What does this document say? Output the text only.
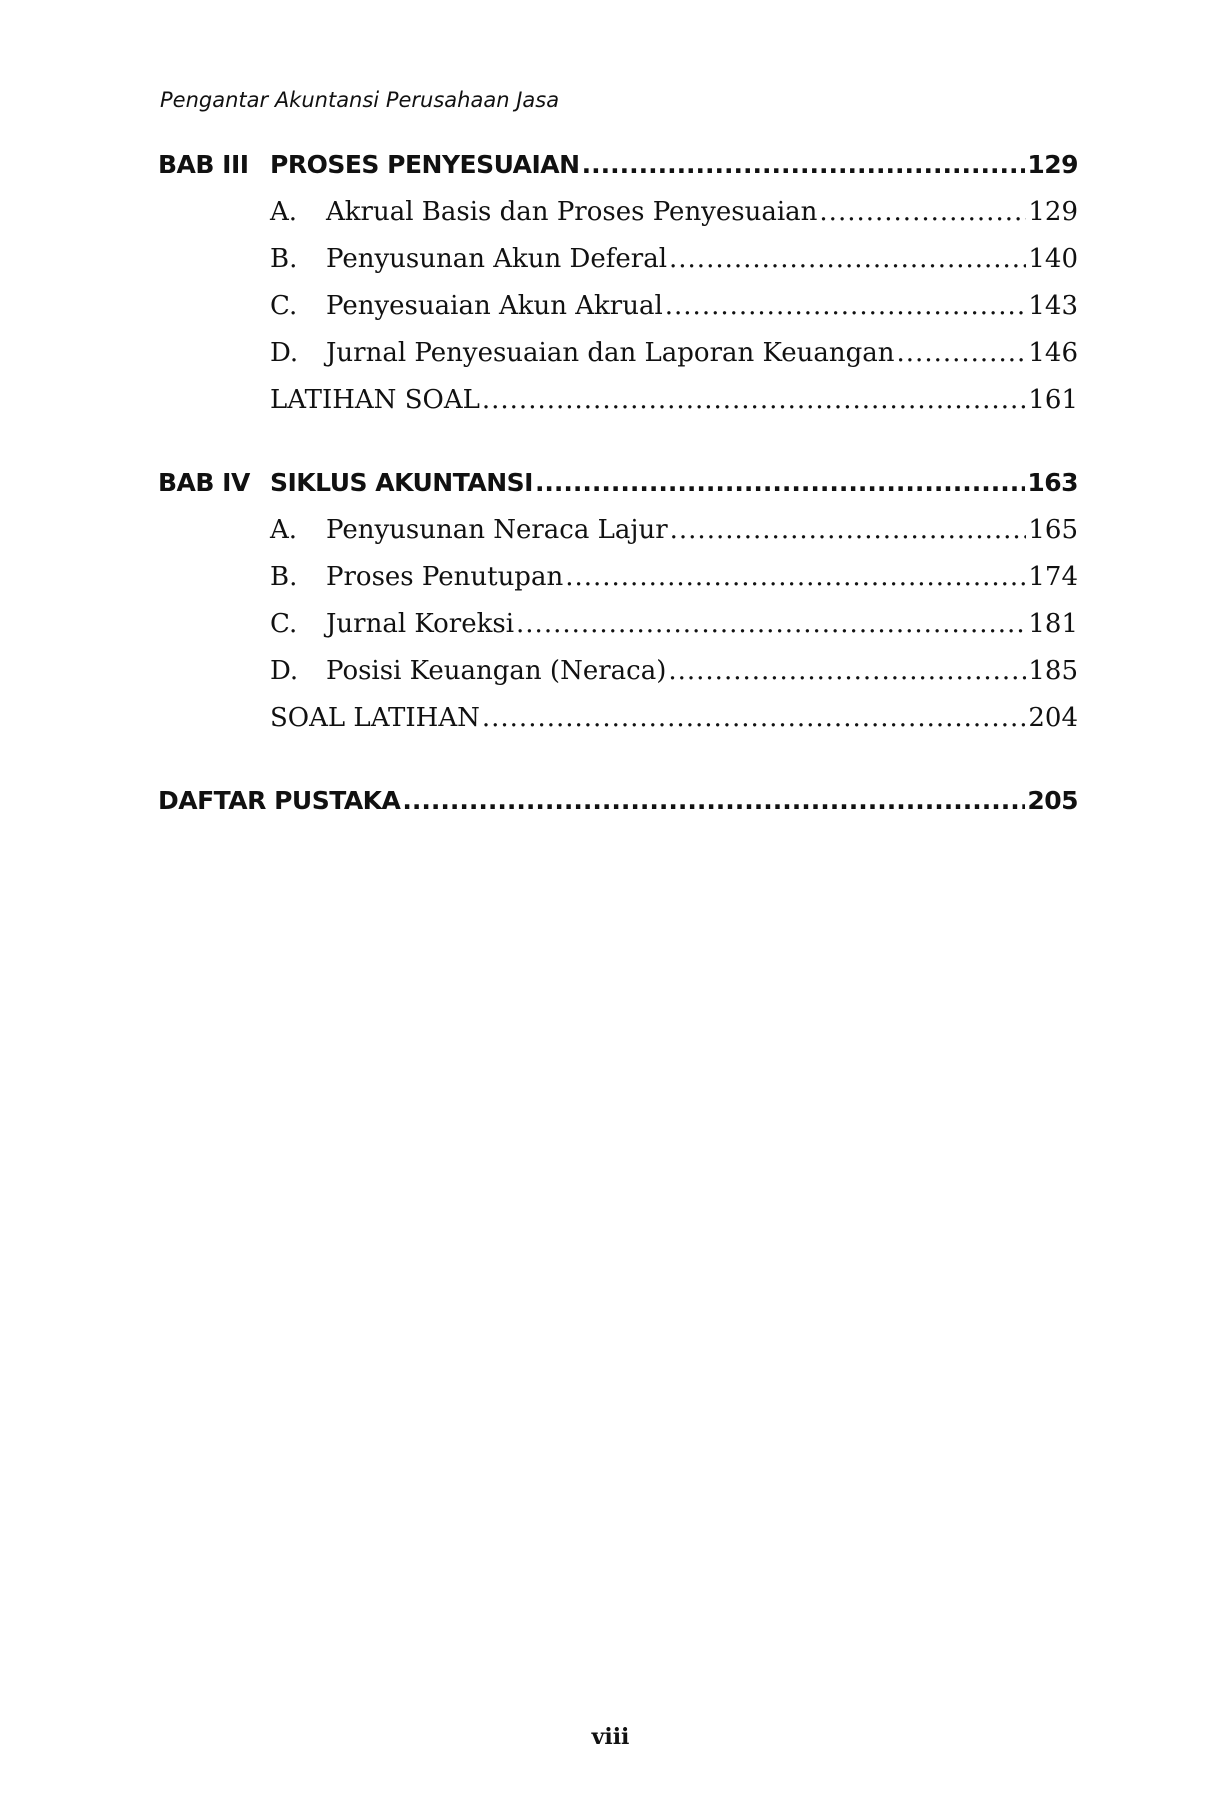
Pengantar Akuntansi Perusahaan Jasa
BAB III PROSES PENYESUAIAN .....	129
A.	Akrual Basis dan Proses Penyesuaian .....	129
B.	Penyusunan Akun Deferal .....	140
C.	Penyesuaian Akun Akrual .....	143
D.	Jurnal Penyesuaian dan Laporan Keuangan .....	146
LATIHAN SOAL .....	161
BAB IV SIKLUS AKUNTANSI .....	163
A.	Penyusunan Neraca Lajur .....	165
B.	Proses Penutupan .....	174
C.	Jurnal Koreksi .....	181
D.	Posisi Keuangan (Neraca) .....	185
SOAL LATIHAN .....	204
DAFTAR PUSTAKA .....	205
viii
